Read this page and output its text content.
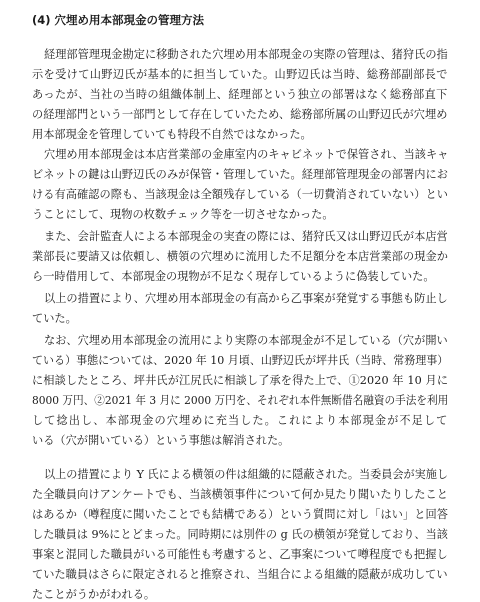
(4) 穴埋め用本部現金の管理方法
経理部管理現金勘定に移動された穴埋め用本部現金の実際の管理は、猪狩氏の指
示を受けて山野辺氏が基本的に担当していた。山野辺氏は当時、総務部副部長で
あったが、当社の当時の組織体制上、経理部という独立の部署はなく総務部直下
の経理部門という一部門として存在していたため、総務部所属の山野辺氏が穴埋め
用本部現金を管理していても特段不自然ではなかった。
穴埋め用本部現金は本店営業部の金庫室内のキャビネットで保管され、当該キャ
ビネットの鍵は山野辺氏のみが保管・管理していた。経理部管理現金の部署内にお
ける有高確認の際も、当該現金は全額残存している（一切費消されていない）とい
うことにして、現物の枚数チェック等を一切させなかった。
また、会計監査人による本部現金の実査の際には、猪狩氏又は山野辺氏が本店営
業部長に要請又は依頼し、横領の穴埋めに流用した不足額分を本店営業部の現金か
ら一時借用して、本部現金の現物が不足なく現存しているように偽装していた。
以上の措置により、穴埋め用本部現金の有高から乙事案が発覚する事態も防止し
ていた。
なお、穴埋め用本部現金の流用により実際の本部現金が不足している（穴が開い
ている）事態については、2020 年 10 月頃、山野辺氏が坪井氏（当時、常務理事）
に相談したところ、坪井氏が江尻氏に相談し了承を得た上で、①2020 年 10 月に
8000 万円、②2021 年 3 月に 2000 万円を、それぞれ本件無断借名融資の手法を利用
して捻出し、本部現金の穴埋めに充当した。これにより本部現金が不足して
いる（穴が開いている）という事態は解消された。
以上の措置により Y 氏による横領の件は組織的に隠蔽された。当委員会が実施し
た全職員向けアンケートでも、当該横領事件について何か見たり聞いたりしたこと
はあるか（噂程度に聞いたことでも結構である）という質問に対し「はい」と回答
した職員は 9%にとどまった。同時期には別件の g 氏の横領が発覚しており、当該
事案と混同した職員がいる可能性も考慮すると、乙事案について噂程度でも把握し
ていた職員はさらに限定されると推察され、当組合による組織的隠蔽が成功してい
たことがうかがわれる。
